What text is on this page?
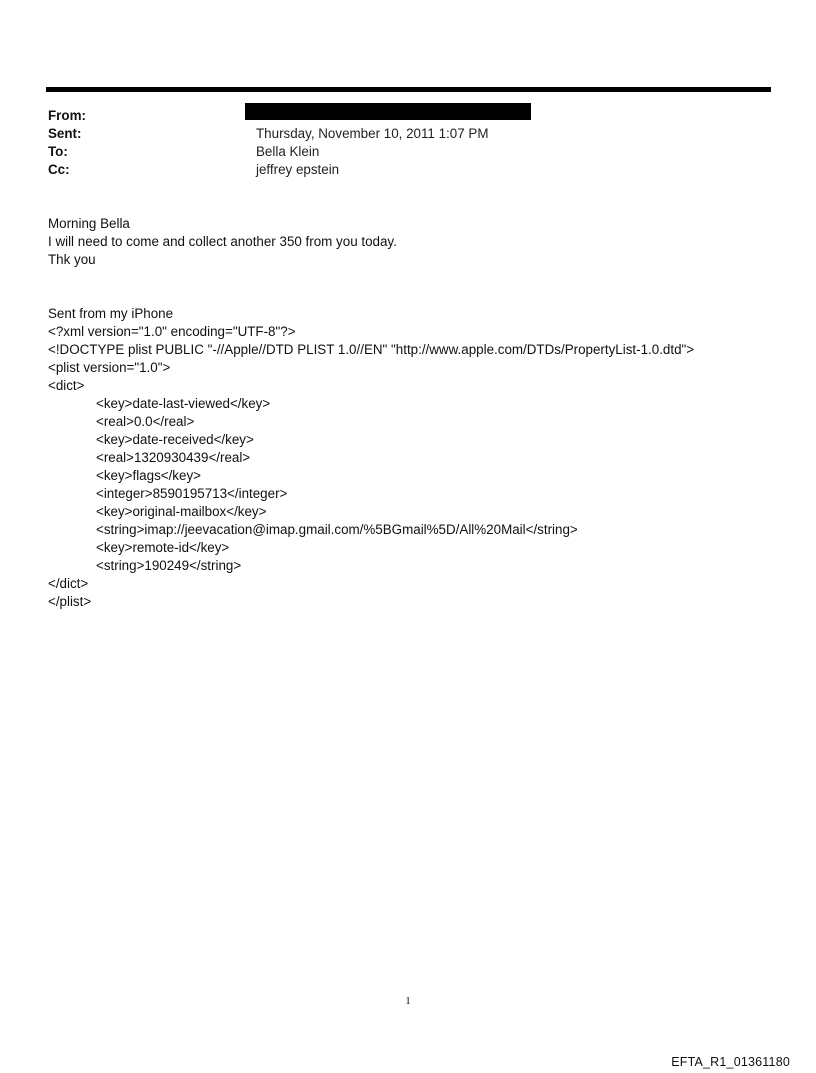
From:
Sent:	Thursday, November 10, 2011 1:07 PM
To:	Bella Klein
Cc:	jeffrey epstein
Morning Bella
I will need to come and collect another 350 from you today.
Thk you
Sent from my iPhone
<?xml version="1.0" encoding="UTF-8"?>
<!DOCTYPE plist PUBLIC "-//Apple//DTD PLIST 1.0//EN" "http://www.apple.com/DTDs/PropertyList-1.0.dtd">
<plist version="1.0">
<dict>
<key>date-last-viewed</key>
<real>0.0</real>
<key>date-received</key>
<real>1320930439</real>
<key>flags</key>
<integer>8590195713</integer>
<key>original-mailbox</key>
<string>imap://jeevacation@imap.gmail.com/%5BGmail%5D/All%20Mail</string>
<key>remote-id</key>
<string>190249</string>
</dict>
</plist>
1
EFTA_R1_01361180
